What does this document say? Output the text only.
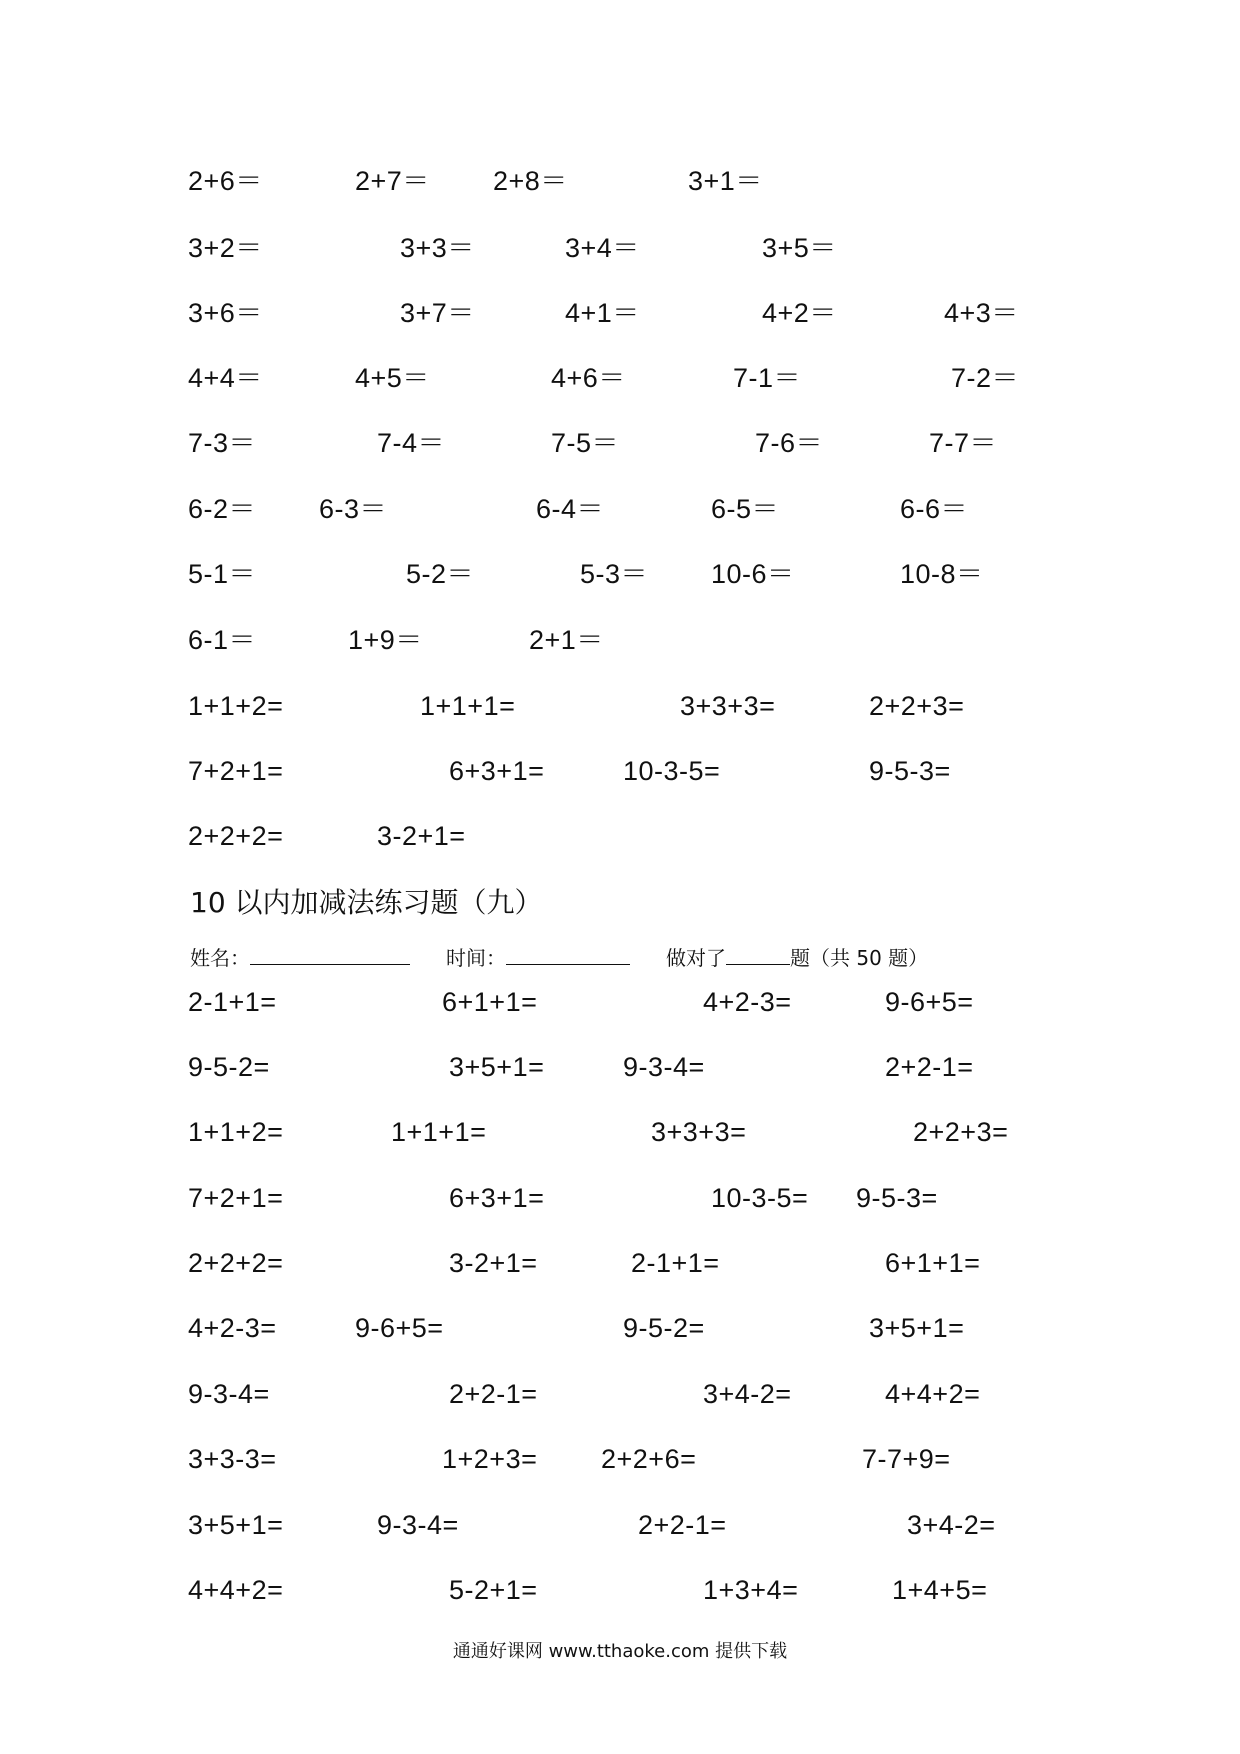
2+6＝	2+7＝ 2+8＝	3+1＝
3+2＝	3+3＝	3+4＝	3+5＝
3+6＝	3+7＝	4+1＝	4+2＝	4+3＝
4+4＝	4+5＝	4+6＝	7-1＝	7-2＝
7-3＝	7-4＝	7-5＝	7-6＝	7-7＝
6-2＝ 6-3＝	6-4＝	6-5＝	6-6＝
5-1＝	5-2＝	5-3＝ 10-6＝	10-8＝
6-1＝	1+9＝	2+1＝
1+1+2=	1+1+1=	3+3+3=	2+2+3=
7+2+1=	6+3+1=	10-3-5=	9-5-3=
2+2+2=	3-2+1=
10 以内加减法练习题（九）
姓名：	时间：	做对了	题（共 50 题）
2-1+1=	6+1+1=	4+2-3=	9-6+5=
9-5-2=	3+5+1=	9-3-4=	2+2-1=
1+1+2=	1+1+1=	3+3+3=	2+2+3=
7+2+1=	6+3+1=	10-3-5= 9-5-3=
2+2+2=	3-2+1=	2-1+1=	6+1+1=
4+2-3=	9-6+5=	9-5-2=	3+5+1=
9-3-4=	2+2-1=	3+4-2=	4+4+2=
3+3-3=	1+2+3= 2+2+6=	7-7+9=
3+5+1=	9-3-4=	2+2-1=	3+4-2=
4+4+2=	5-2+1=	1+3+4=	1+4+5=
通通好课网 www.tthaoke.com 提供下载
